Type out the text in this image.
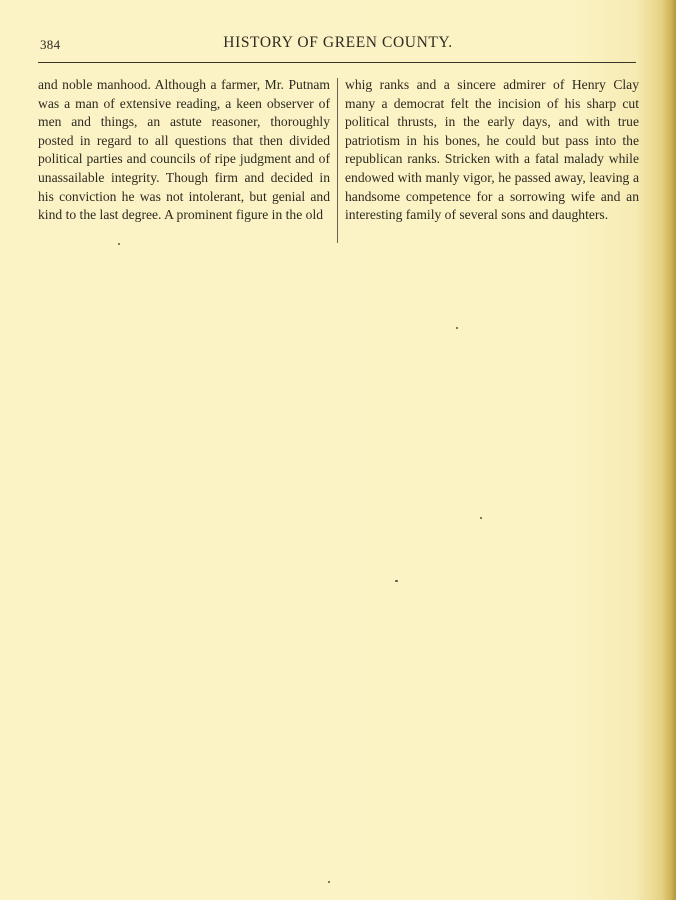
384	HISTORY OF GREEN COUNTY.
and noble manhood. Although a farmer, Mr. Putnam was a man of extensive reading, a keen observer of men and things, an astute reasoner, thoroughly posted in regard to all questions that then divided political parties and councils of ripe judgment and of unassailable integrity. Though firm and decided in his conviction he was not intolerant, but genial and kind to the last degree. A prominent figure in the old
whig ranks and a sincere admirer of Henry Clay many a democrat felt the incision of his sharp cut political thrusts, in the early days, and with true patriotism in his bones, he could but pass into the republican ranks. Stricken with a fatal malady while endowed with manly vigor, he passed away, leaving a handsome competence for a sorrowing wife and an interesting family of several sons and daughters.
